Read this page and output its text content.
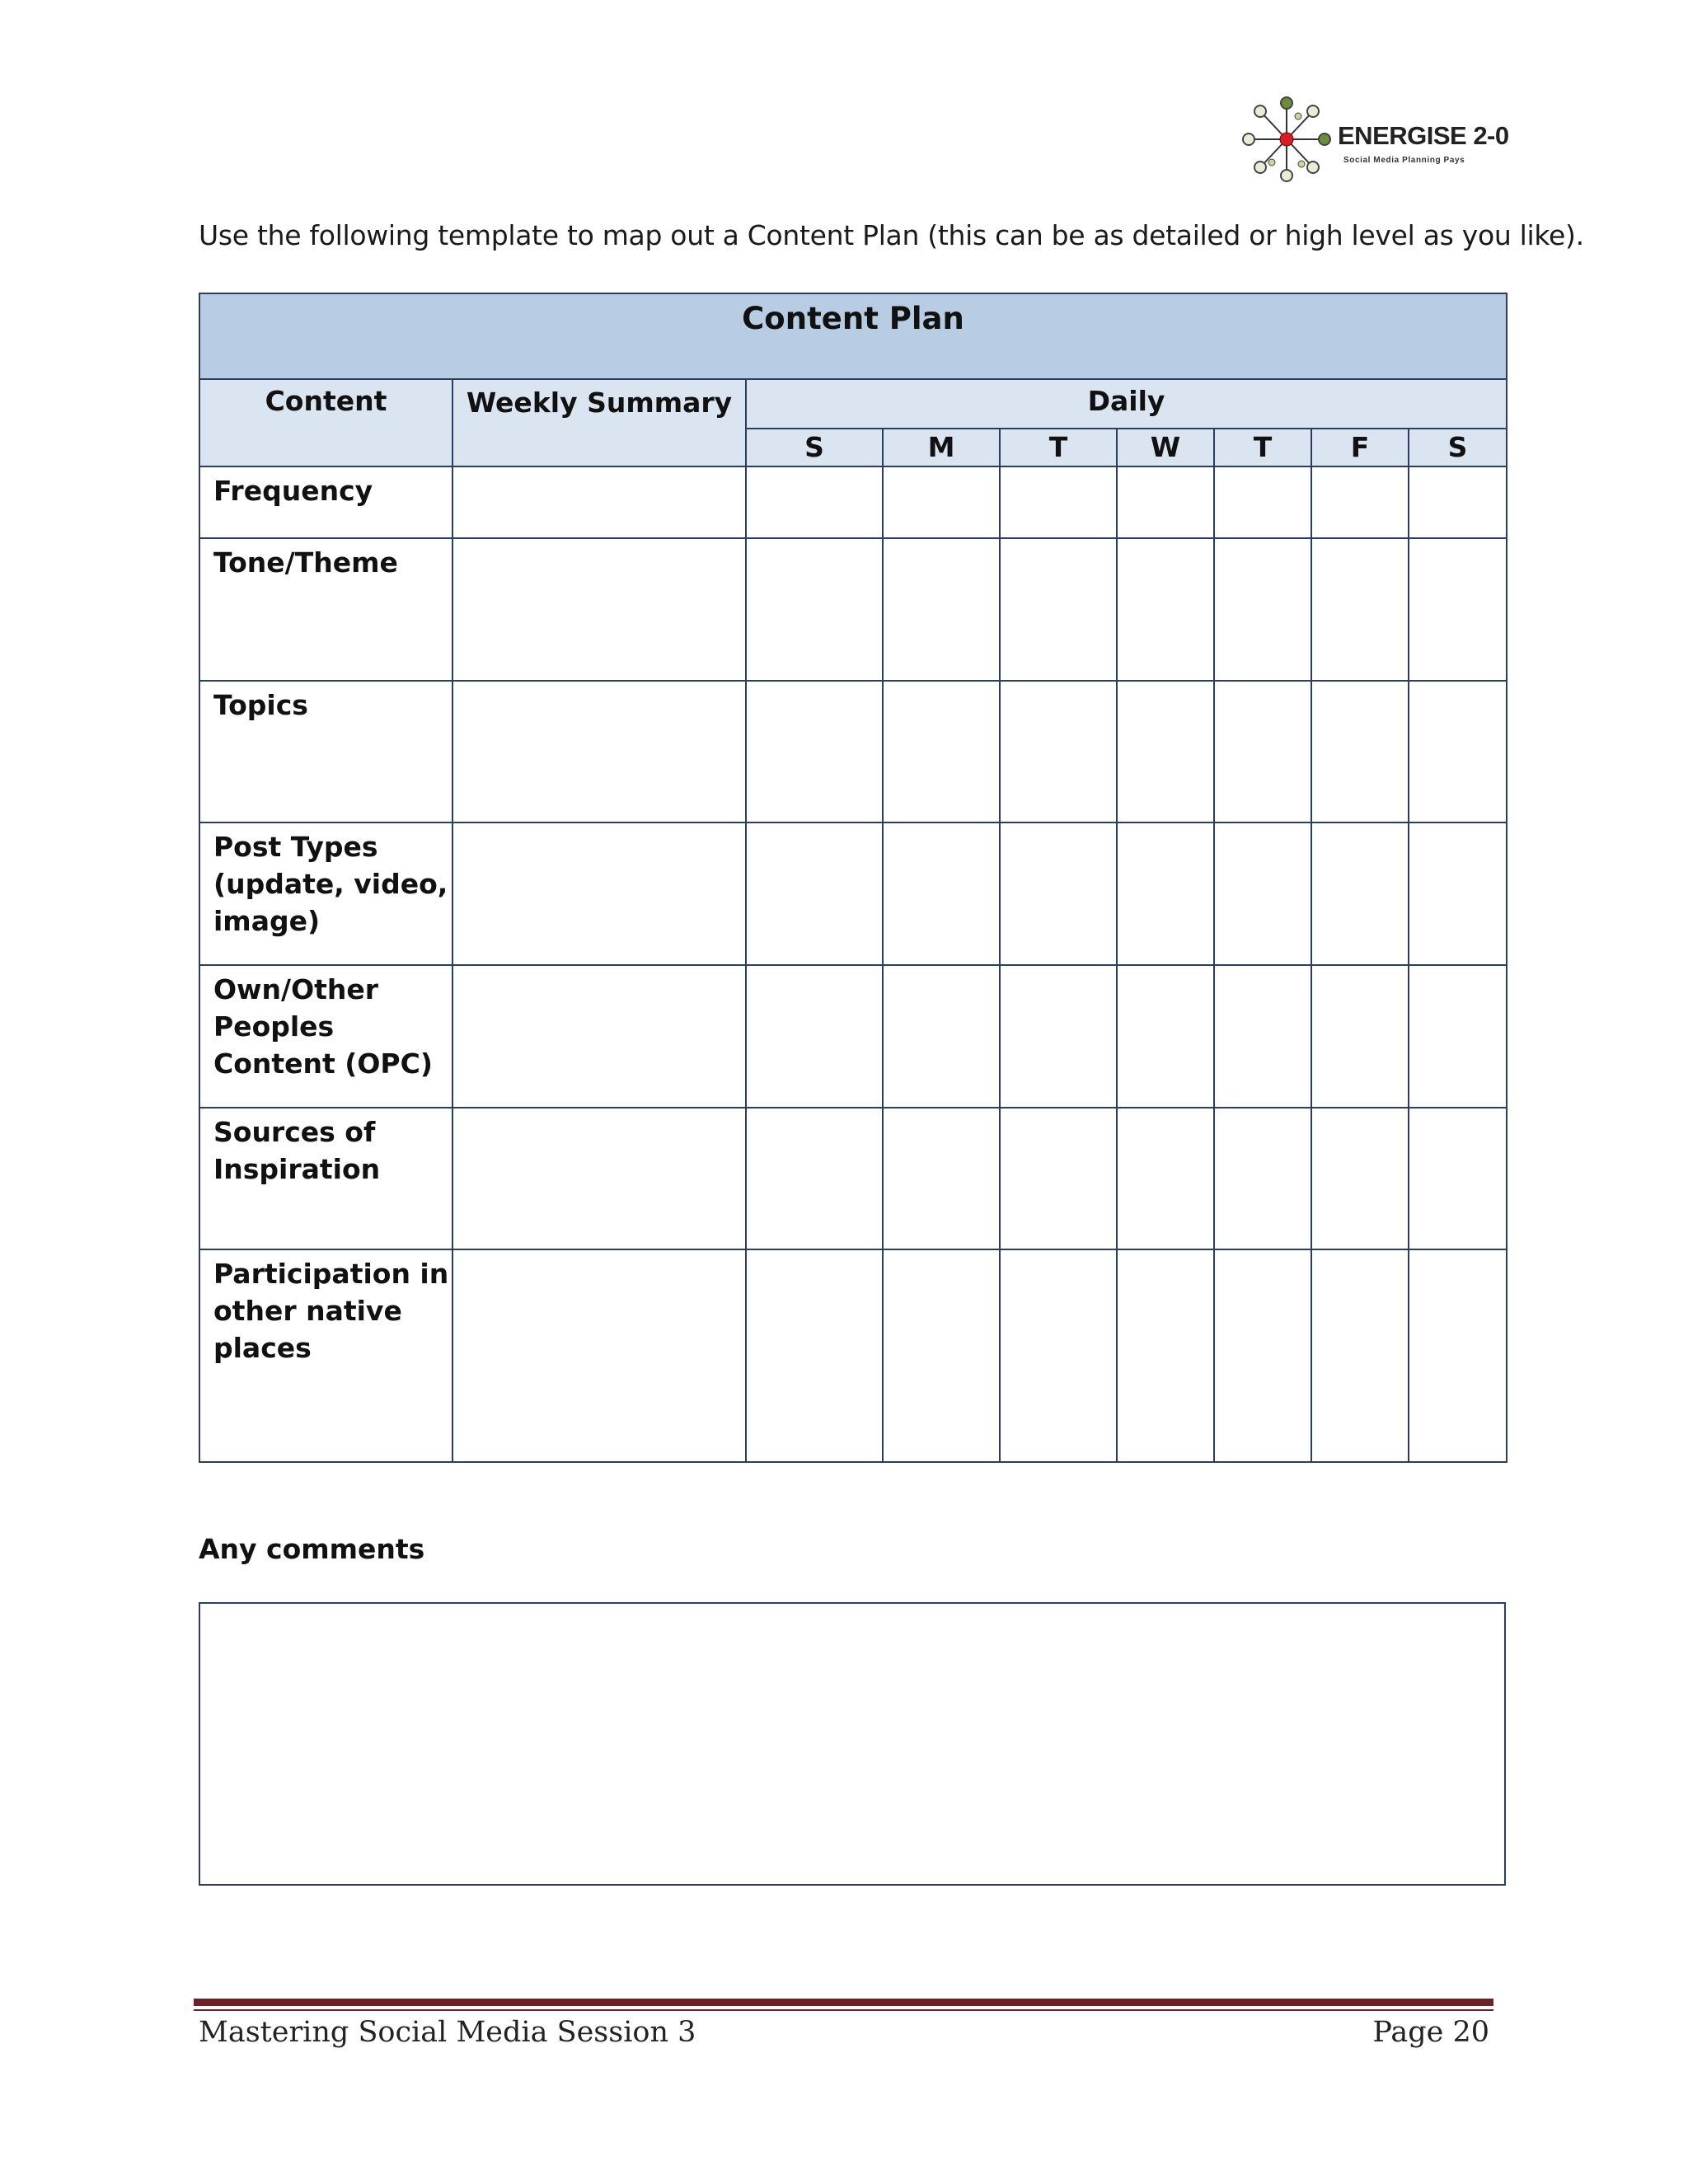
ENERGISE 2-0
Social Media Planning Pays
Use the following template to map out a Content Plan (this can be as detailed or high level as you like).
Content Plan								
Content	Weekly Summary	Daily						
		S	M	T	W	T	F	S
Frequency								
Tone/Theme								
Topics								
Post Types (update, video, image)								
Own/Other Peoples Content (OPC)								
Sources of Inspiration								
Participation in other native places								
Any comments
Mastering Social Media Session 3	Page 20
